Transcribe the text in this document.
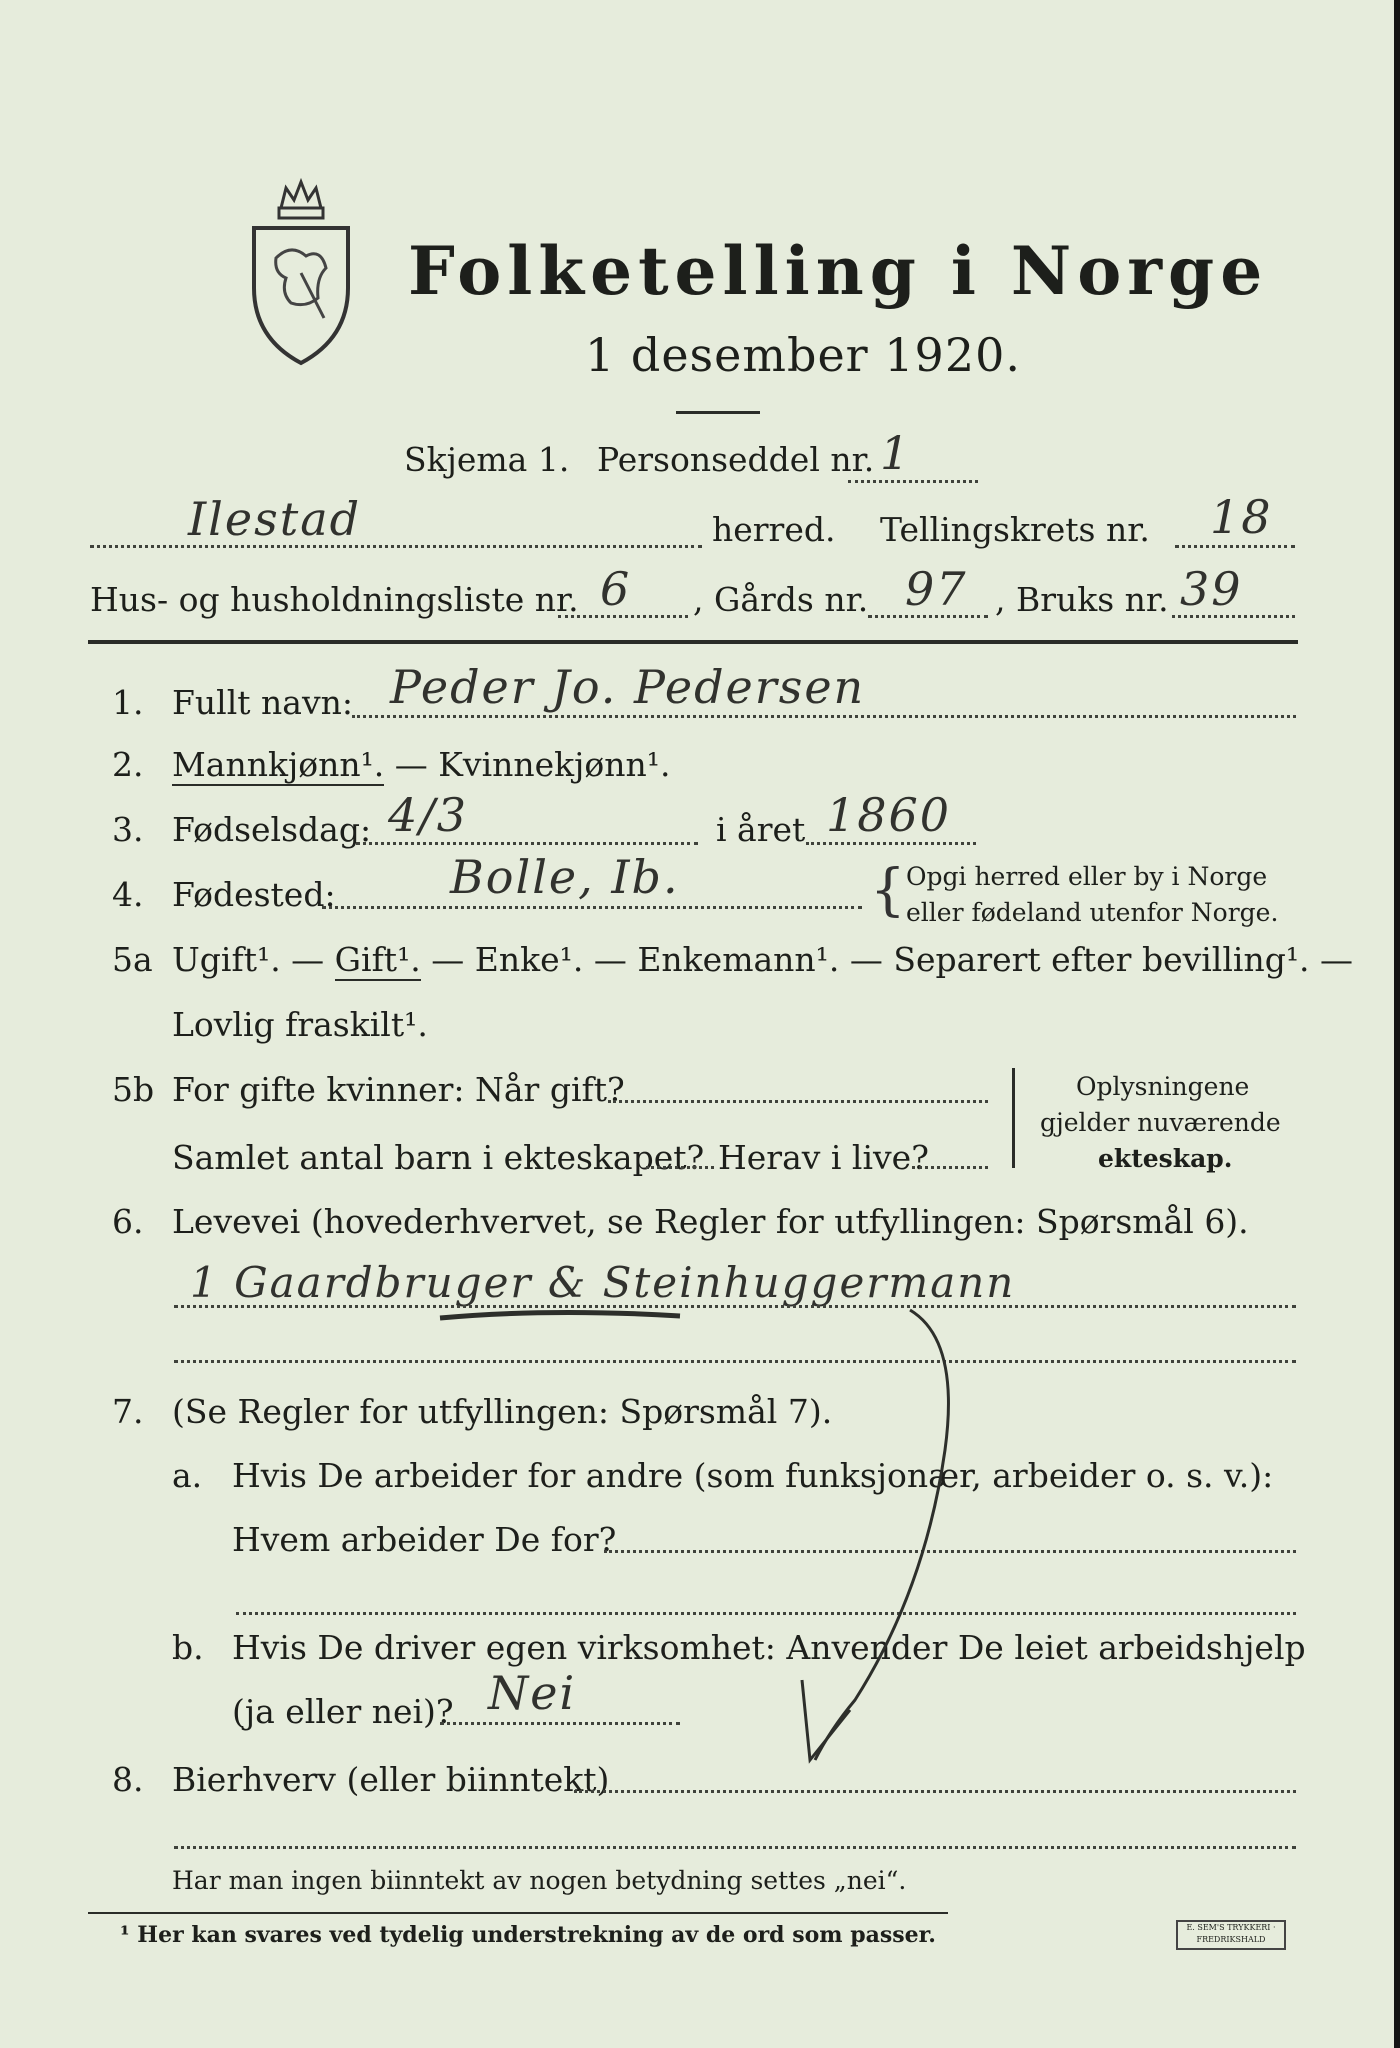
Folketelling i Norge
1 desember 1920.
Skjema 1. Personseddel nr. 1
Ilestad	herred. Tellingskrets nr. 18
Hus- og husholdningsliste nr. 6 , Gårds nr. 97 , Bruks nr. 39
1. Fullt navn: Peder Jo. Pedersen
2. Mannkjønn¹. — Kvinnekjønn¹.
3. Fødselsdag: 4/3	i året 1860
4. Fødested: Bolle, Ib.	{ Opgi herred eller by i Norge
eller fødeland utenfor Norge.
5a Ugift¹. — Gift¹. — Enke¹. — Enkemann¹. — Separert efter bevilling¹. —
Lovlig fraskilt¹.
5b For gifte kvinner: Når gift?
Samlet antal barn i ekteskapet? Herav i live?
Oplysningene
gjelder nuværende
ekteskap.
6. Levevei (hovederhvervet, se Regler for utfyllingen: Spørsmål 6).
1 Gaardbruger & Steinhuggermann
7. (Se Regler for utfyllingen: Spørsmål 7).
a. Hvis De arbeider for andre (som funksjonær, arbeider o. s. v.):
Hvem arbeider De for?
b. Hvis De driver egen virksomhet: Anvender De leiet arbeidshjelp
(ja eller nei)? Nei
8. Bierhverv (eller biinntekt)
Har man ingen biinntekt av nogen betydning settes „nei“.
¹ Her kan svares ved tydelig understrekning av de ord som passer.	E. SEM'S TRYKKERI · FREDRIKSHALD
